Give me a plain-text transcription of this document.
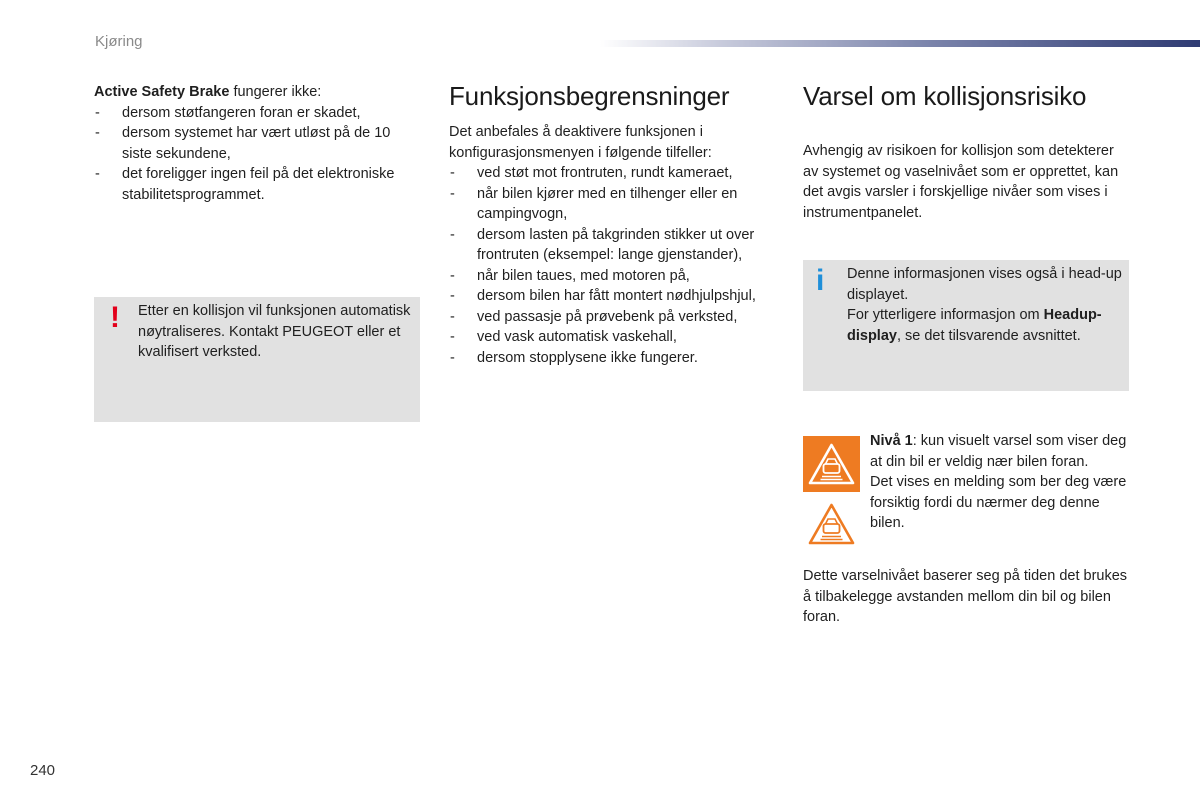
Kjøring

Active Safety Brake fungerer ikke:

- dersom støtfangeren foran er skadet,
- dersom systemet har vært utløst på de 10 siste sekundene,
- det foreligger ingen feil på det elektroniske stabilitetsprogrammet.
! Etter en kollisjon vil funksjonen automatisk nøytraliseres. Kontakt PEUGEOT eller et kvalifisert verksted.
Funksjonsbegrensninger

Det anbefales å deaktivere funksjonen i konfigurasjonsmenyen i følgende tilfeller:

- ved støt mot frontruten, rundt kameraet,
- når bilen kjører med en tilhenger eller en campingvogn,
- dersom lasten på takgrinden stikker ut over frontruten (eksempel: lange gjenstander),
- når bilen taues, med motoren på,
- dersom bilen har fått montert nødhjulpshjul,
- ved passasje på prøvebenk på verksted,
- ved vask automatisk vaskehall,
- dersom stopplysene ikke fungerer.
Varsel om kollisjonsrisiko

Avhengig av risikoen for kollisjon som detekterer av systemet og vaselnivået som er opprettet, kan det avgis varsler i forskjellige nivåer som vises i instrumentpanelet.

i Denne informasjonen vises også i head-up displayet.
For ytterligere informasjon om Headup-display, se det tilsvarende avsnittet.
Nivå 1: kun visuelt varsel som viser deg at din bil er veldig nær bilen foran.
Det vises en melding som ber deg være forsiktig fordi du nærmer deg denne bilen.
Dette varselnivået baserer seg på tiden det brukes å tilbakelegge avstanden mellom din bil og bilen foran.
240
